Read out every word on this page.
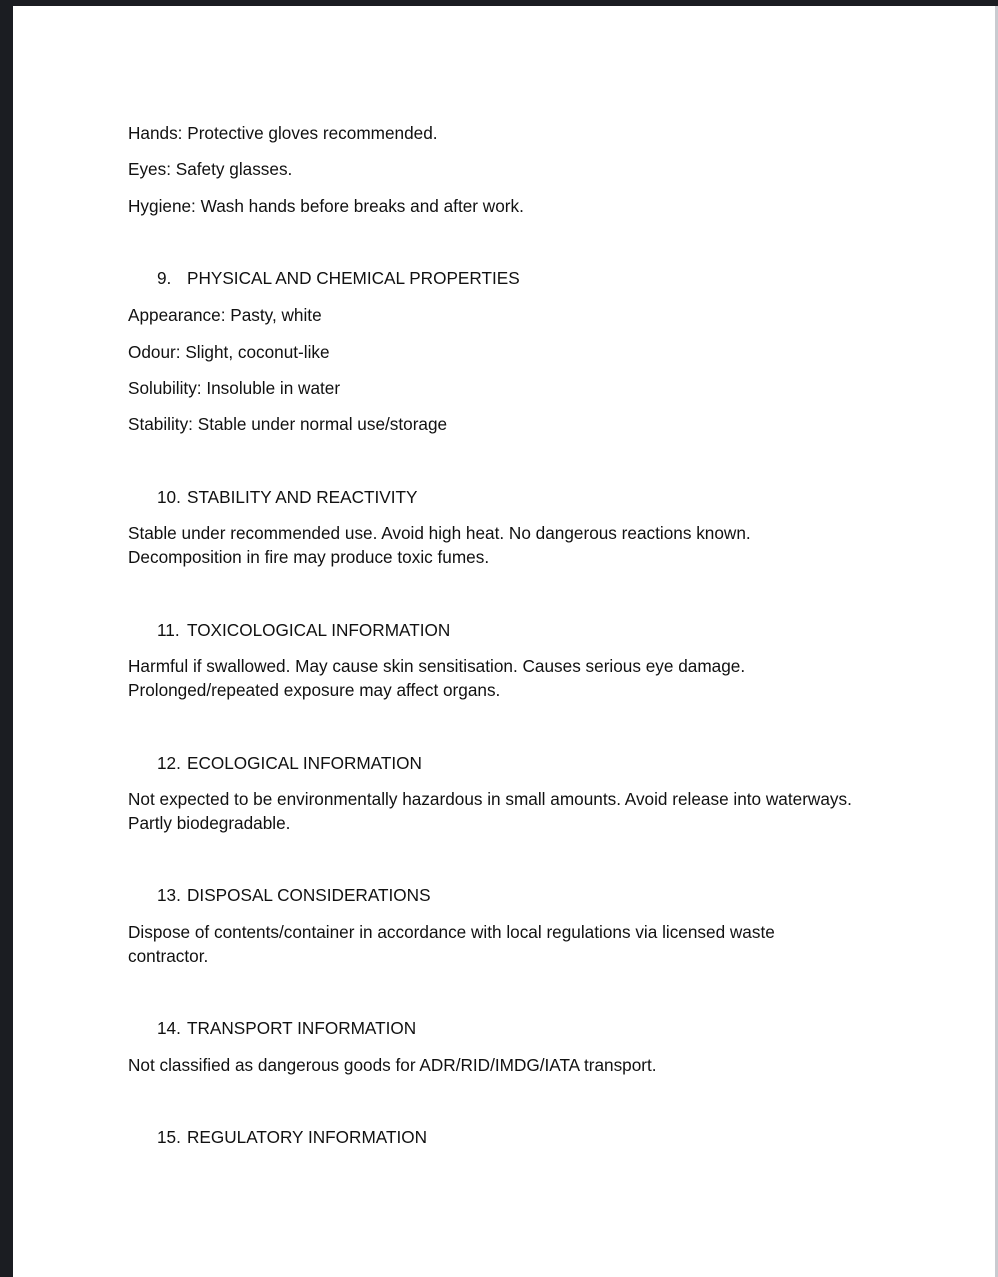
Hands: Protective gloves recommended.
Eyes: Safety glasses.
Hygiene: Wash hands before breaks and after work.
9. PHYSICAL AND CHEMICAL PROPERTIES
Appearance: Pasty, white
Odour: Slight, coconut-like
Solubility: Insoluble in water
Stability: Stable under normal use/storage
10. STABILITY AND REACTIVITY
Stable under recommended use. Avoid high heat. No dangerous reactions known. Decomposition in fire may produce toxic fumes.
11. TOXICOLOGICAL INFORMATION
Harmful if swallowed. May cause skin sensitisation. Causes serious eye damage. Prolonged/repeated exposure may affect organs.
12. ECOLOGICAL INFORMATION
Not expected to be environmentally hazardous in small amounts. Avoid release into waterways. Partly biodegradable.
13. DISPOSAL CONSIDERATIONS
Dispose of contents/container in accordance with local regulations via licensed waste contractor.
14. TRANSPORT INFORMATION
Not classified as dangerous goods for ADR/RID/IMDG/IATA transport.
15. REGULATORY INFORMATION
